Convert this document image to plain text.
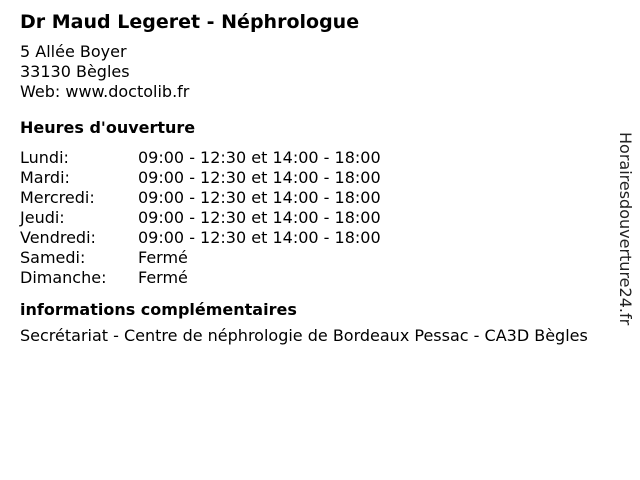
Dr Maud Legeret - Néphrologue
5 Allée Boyer
33130 Bègles
Web: www.doctolib.fr
Heures d'ouverture
Lundi:	09:00 - 12:30 et 14:00 - 18:00
Mardi:	09:00 - 12:30 et 14:00 - 18:00
Mercredi:	09:00 - 12:30 et 14:00 - 18:00
Jeudi:	09:00 - 12:30 et 14:00 - 18:00
Vendredi:	09:00 - 12:30 et 14:00 - 18:00
Samedi:	Fermé
Dimanche:	Fermé
informations complémentaires
Secrétariat - Centre de néphrologie de Bordeaux Pessac - CA3D Bègles
Horairesdouverture24.fr
